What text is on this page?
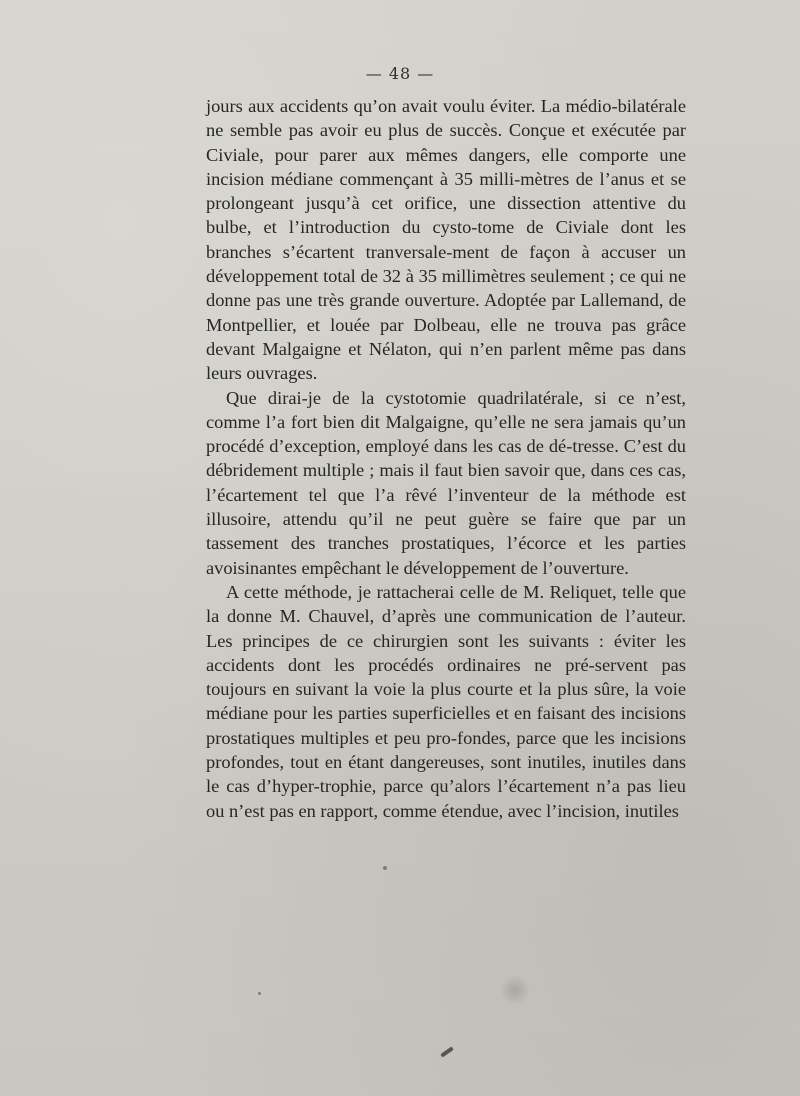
— 48 —

jours aux accidents qu’on avait voulu éviter. La médio-bilatérale ne semble pas avoir eu plus de succès. Conçue et exécutée par Civiale, pour parer aux mêmes dangers, elle comporte une incision médiane commençant à 35 milli-mètres de l’anus et se prolongeant jusqu’à cet orifice, une dissection attentive du bulbe, et l’introduction du cysto-tome de Civiale dont les branches s’écartent tranversale-ment de façon à accuser un développement total de 32 à 35 millimètres seulement ; ce qui ne donne pas une très grande ouverture. Adoptée par Lallemand, de Montpellier, et louée par Dolbeau, elle ne trouva pas grâce devant Malgaigne et Nélaton, qui n’en parlent même pas dans leurs ouvrages.

Que dirai-je de la cystotomie quadrilatérale, si ce n’est, comme l’a fort bien dit Malgaigne, qu’elle ne sera jamais qu’un procédé d’exception, employé dans les cas de dé-tresse. C’est du débridement multiple ; mais il faut bien savoir que, dans ces cas, l’écartement tel que l’a rêvé l’inventeur de la méthode est illusoire, attendu qu’il ne peut guère se faire que par un tassement des tranches prostatiques, l’écorce et les parties avoisinantes empêchant le développement de l’ouverture.

A cette méthode, je rattacherai celle de M. Reliquet, telle que la donne M. Chauvel, d’après une communication de l’auteur. Les principes de ce chirurgien sont les suivants : éviter les accidents dont les procédés ordinaires ne pré-servent pas toujours en suivant la voie la plus courte et la plus sûre, la voie médiane pour les parties superficielles et en faisant des incisions prostatiques multiples et peu pro-fondes, parce que les incisions profondes, tout en étant dangereuses, sont inutiles, inutiles dans le cas d’hyper-trophie, parce qu’alors l’écartement n’a pas lieu ou n’est pas en rapport, comme étendue, avec l’incision, inutiles
